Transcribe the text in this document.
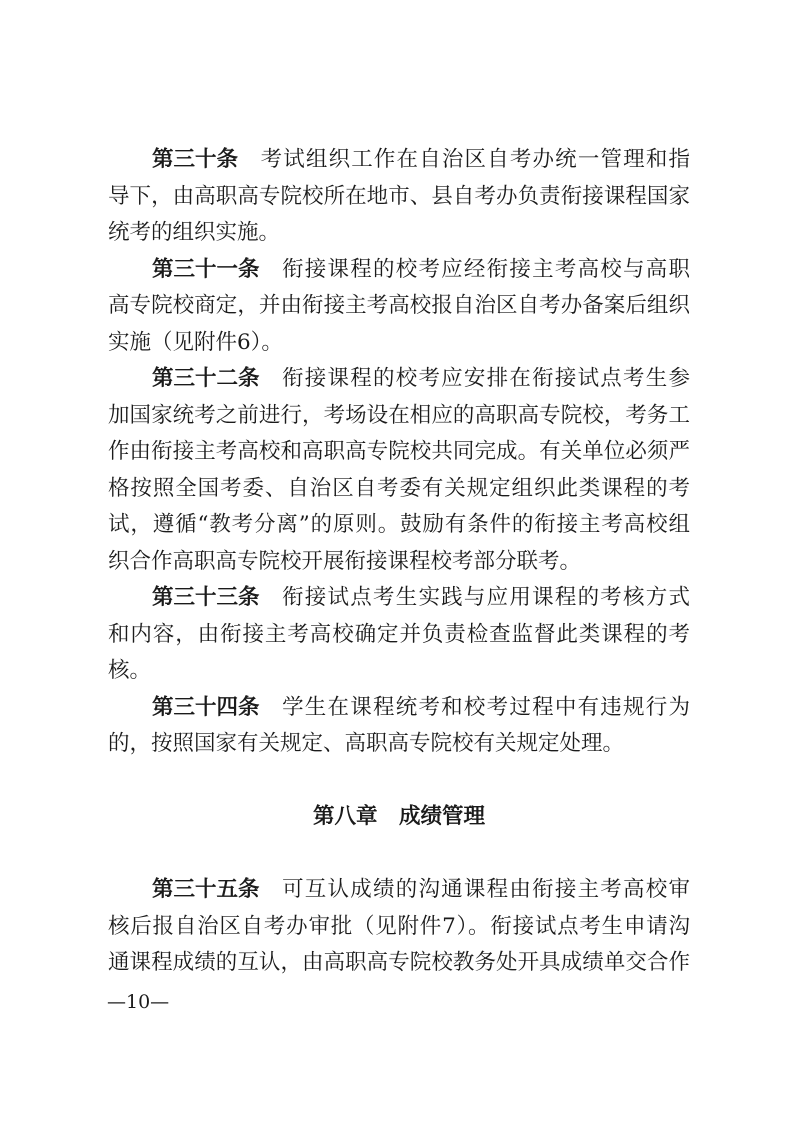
第三十条 考试组织工作在自治区自考办统一管理和指
导下，由高职高专院校所在地市、县自考办负责衔接课程国家
统考的组织实施。
第三十一条 衔接课程的校考应经衔接主考高校与高职
高专院校商定，并由衔接主考高校报自治区自考办备案后组织
实施（见附件6）。
第三十二条 衔接课程的校考应安排在衔接试点考生参
加国家统考之前进行，考场设在相应的高职高专院校，考务工
作由衔接主考高校和高职高专院校共同完成。有关单位必须严
格按照全国考委、自治区自考委有关规定组织此类课程的考
试，遵循“教考分离”的原则。鼓励有条件的衔接主考高校组
织合作高职高专院校开展衔接课程校考部分联考。
第三十三条 衔接试点考生实践与应用课程的考核方式
和内容，由衔接主考高校确定并负责检查监督此类课程的考
核。
第三十四条 学生在课程统考和校考过程中有违规行为
的，按照国家有关规定、高职高专院校有关规定处理。
第八章　成绩管理
第三十五条 可互认成绩的沟通课程由衔接主考高校审
核后报自治区自考办审批（见附件7）。衔接试点考生申请沟
通课程成绩的互认，由高职高专院校教务处开具成绩单交合作
—10—
